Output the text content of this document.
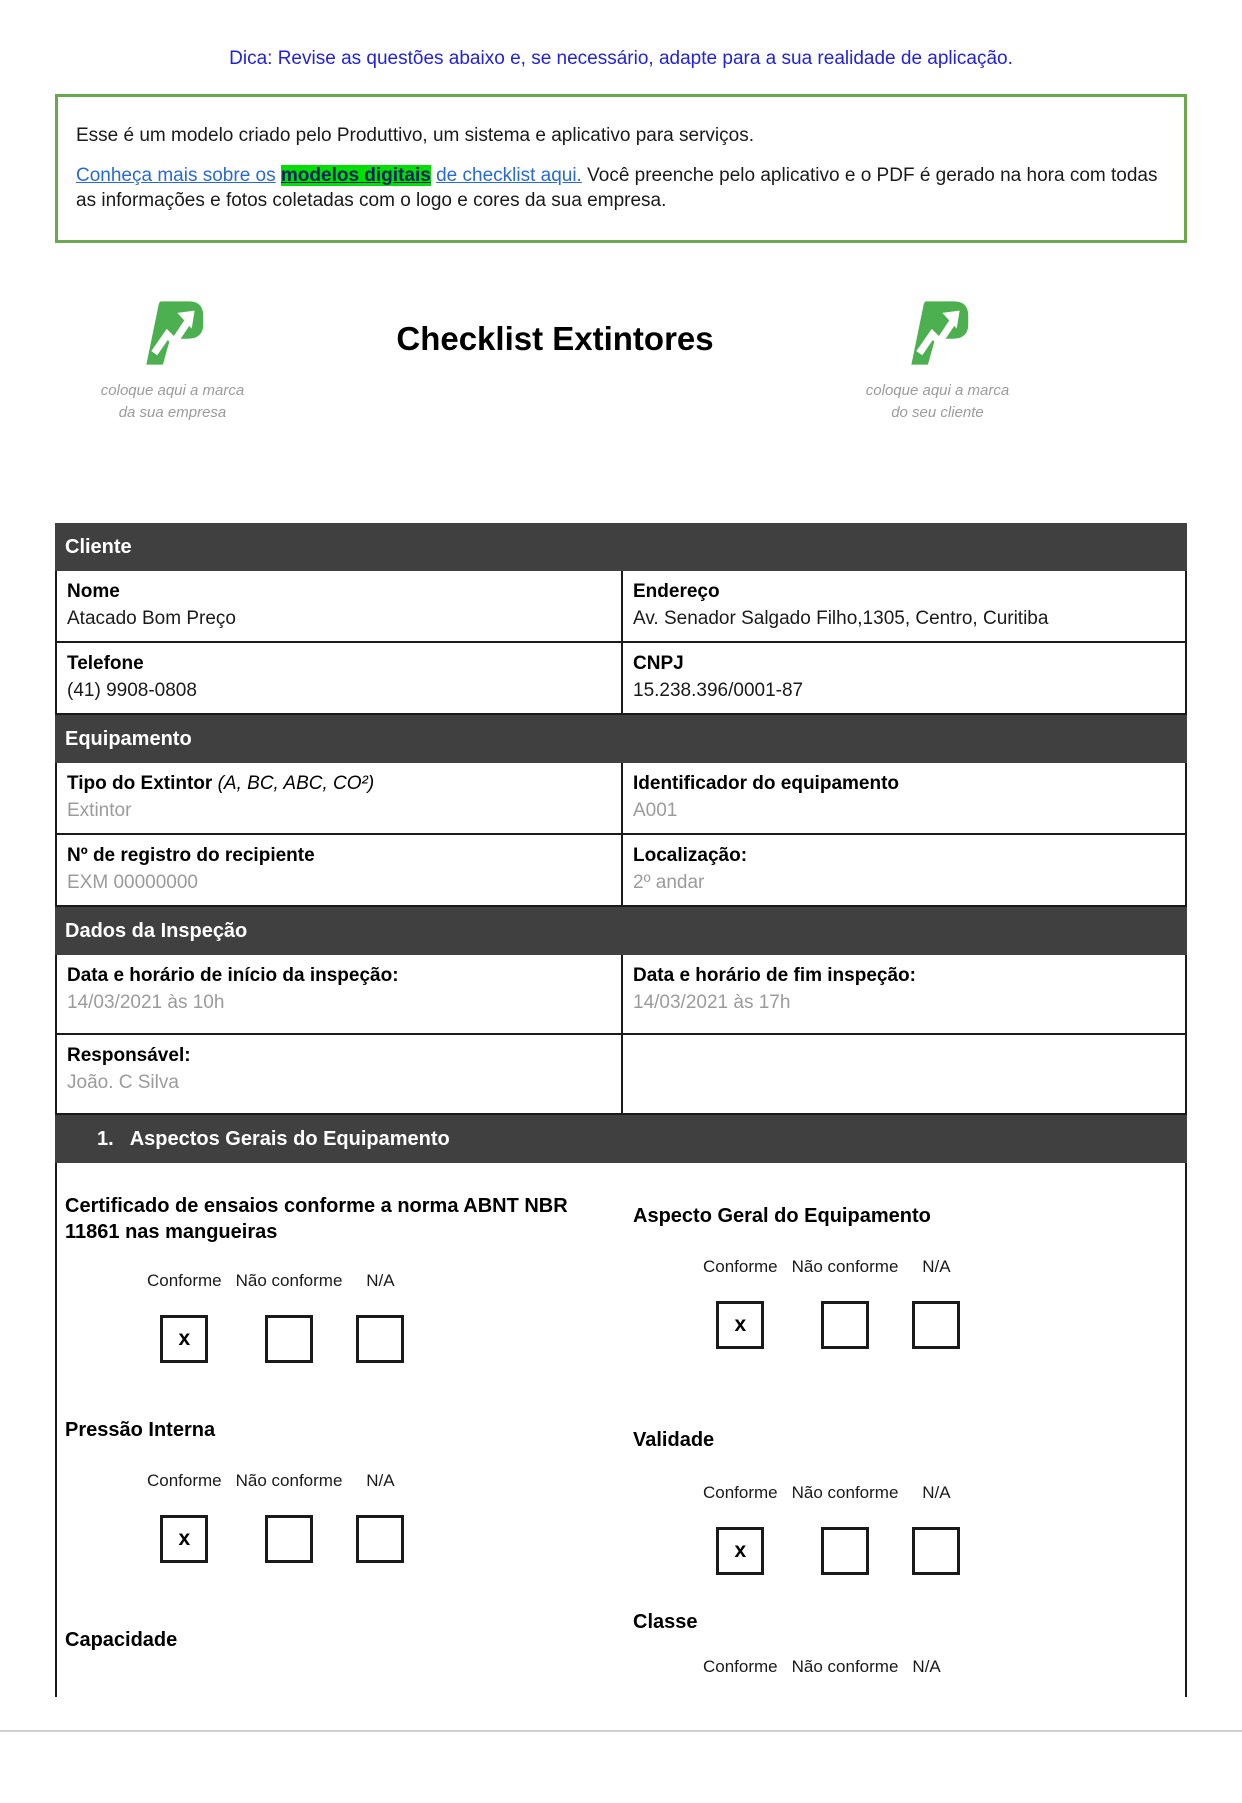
Dica: Revise as questões abaixo e, se necessário, adapte para a sua realidade de aplicação.

Esse é um modelo criado pelo Produttivo, um sistema e aplicativo para serviços.

Conheça mais sobre os modelos digitais de checklist aqui. Você preenche pelo aplicativo e o PDF é gerado na hora com todas as informações e fotos coletadas com o logo e cores da sua empresa.

coloque aqui a marca
da sua empresa
Checklist Extintores
coloque aqui a marca
do seu cliente
Cliente
Nome
Atacado Bom Preço
Endereço
Av. Senador Salgado Filho,1305, Centro, Curitiba
Telefone
(41) 9908-0808
CNPJ
15.238.396/0001-87
Equipamento
Tipo do Extintor (A, BC, ABC, CO²)
Extintor
Identificador do equipamento
A001
Nº de registro do recipiente
EXM 00000000
Localização:
2º andar
Dados da Inspeção
Data e horário de início da inspeção:
14/03/2021 às 10h
Data e horário de fim inspeção:
14/03/2021 às 17h
Responsável:
João. C Silva
1. Aspectos Gerais do Equipamento
Certificado de ensaios conforme a norma ABNT NBR 11861 nas mangueiras
Conforme
x
Não conforme N/A
Pressão Interna
Conforme
x
Não conforme N/A
Capacidade
Aspecto Geral do Equipamento
Conforme
x
Não conforme N/A
Validade
Conforme
x
Não conforme N/A
Classe
Conforme Não conforme N/A
